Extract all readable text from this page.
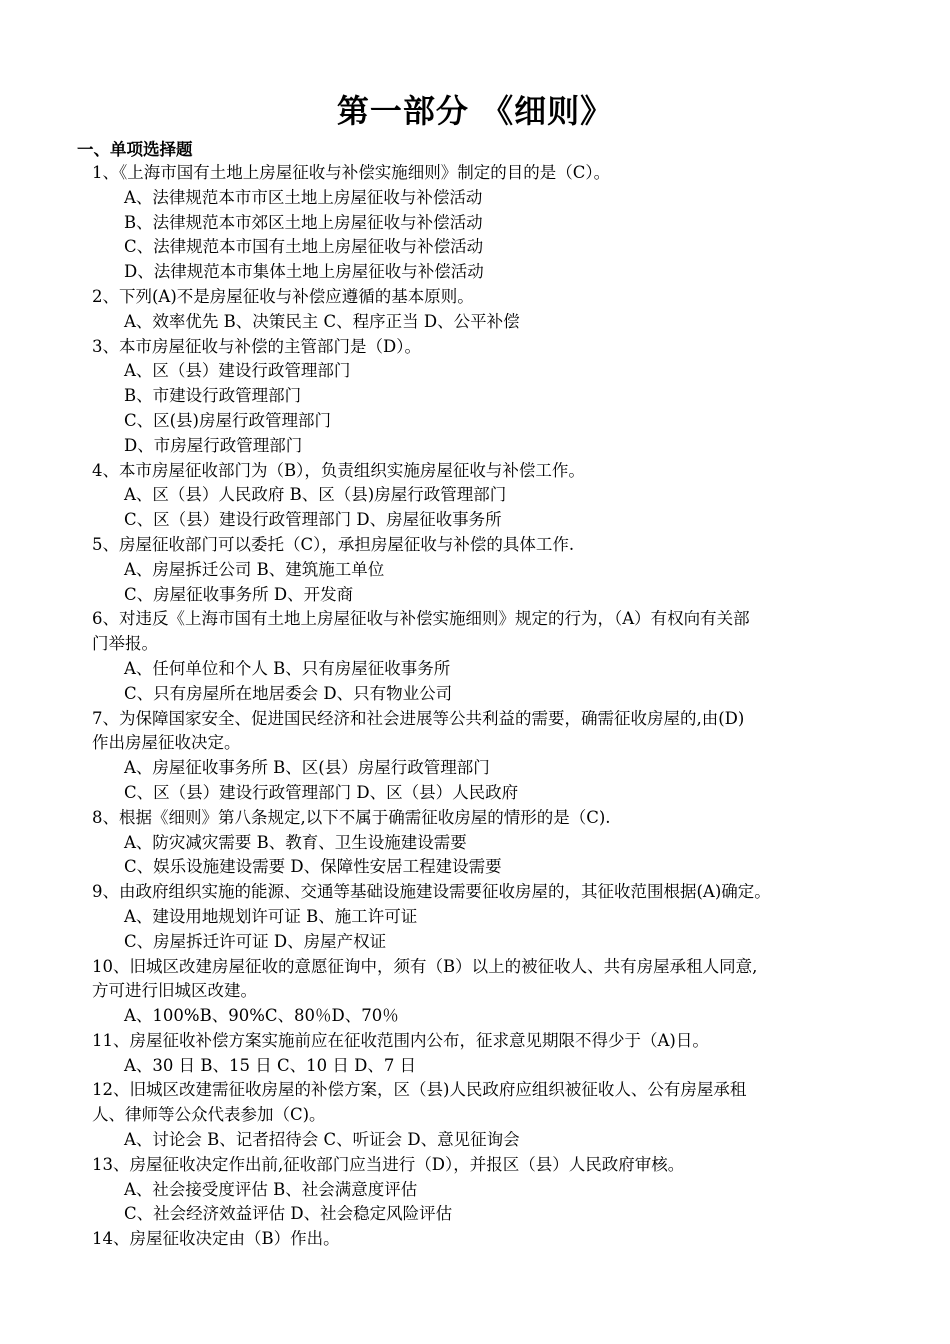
第一部分 《细则》
一、单项选择题
1、《上海市国有土地上房屋征收与补偿实施细则》制定的目的是（C）。
A、法律规范本市市区土地上房屋征收与补偿活动
B、法律规范本市郊区土地上房屋征收与补偿活动
C、法律规范本市国有土地上房屋征收与补偿活动
D、法律规范本市集体土地上房屋征收与补偿活动
2、下列(A)不是房屋征收与补偿应遵循的基本原则。
A、效率优先 B、决策民主 C、程序正当 D、公平补偿
3、本市房屋征收与补偿的主管部门是（D）。
A、区（县）建设行政管理部门
B、市建设行政管理部门
C、区(县)房屋行政管理部门
D、市房屋行政管理部门
4、本市房屋征收部门为（B），负责组织实施房屋征收与补偿工作。
A、区（县）人民政府 B、区（县)房屋行政管理部门
C、区（县）建设行政管理部门 D、房屋征收事务所
5、房屋征收部门可以委托（C），承担房屋征收与补偿的具体工作.
A、房屋拆迁公司 B、建筑施工单位
C、房屋征收事务所 D、开发商
6、对违反《上海市国有土地上房屋征收与补偿实施细则》规定的行为，（A）有权向有关部
门举报。
A、任何单位和个人 B、只有房屋征收事务所
C、只有房屋所在地居委会 D、只有物业公司
7、为保障国家安全、促进国民经济和社会进展等公共利益的需要，确需征收房屋的,由(D)
作出房屋征收决定。
A、房屋征收事务所 B、区(县）房屋行政管理部门
C、区（县）建设行政管理部门 D、区（县）人民政府
8、根据《细则》第八条规定,以下不属于确需征收房屋的情形的是（C).
A、防灾减灾需要 B、教育、卫生设施建设需要
C、娱乐设施建设需要 D、保障性安居工程建设需要
9、由政府组织实施的能源、交通等基础设施建设需要征收房屋的，其征收范围根据(A)确定。
A、建设用地规划许可证 B、施工许可证
C、房屋拆迁许可证 D、房屋产权证
10、旧城区改建房屋征收的意愿征询中，须有（B）以上的被征收人、共有房屋承租人同意,
方可进行旧城区改建。
A、100%B、90%C、80％D、70％
11、房屋征收补偿方案实施前应在征收范围内公布，征求意见期限不得少于（A)日。
A、30 日 B、15 日 C、10 日 D、7 日
12、旧城区改建需征收房屋的补偿方案，区（县)人民政府应组织被征收人、公有房屋承租
人、律师等公众代表参加（C)。
A、讨论会 B、记者招待会 C、听证会 D、意见征询会
13、房屋征收决定作出前,征收部门应当进行（D），并报区（县）人民政府审核。
A、社会接受度评估 B、社会满意度评估
C、社会经济效益评估 D、社会稳定风险评估
14、房屋征收决定由（B）作出。
